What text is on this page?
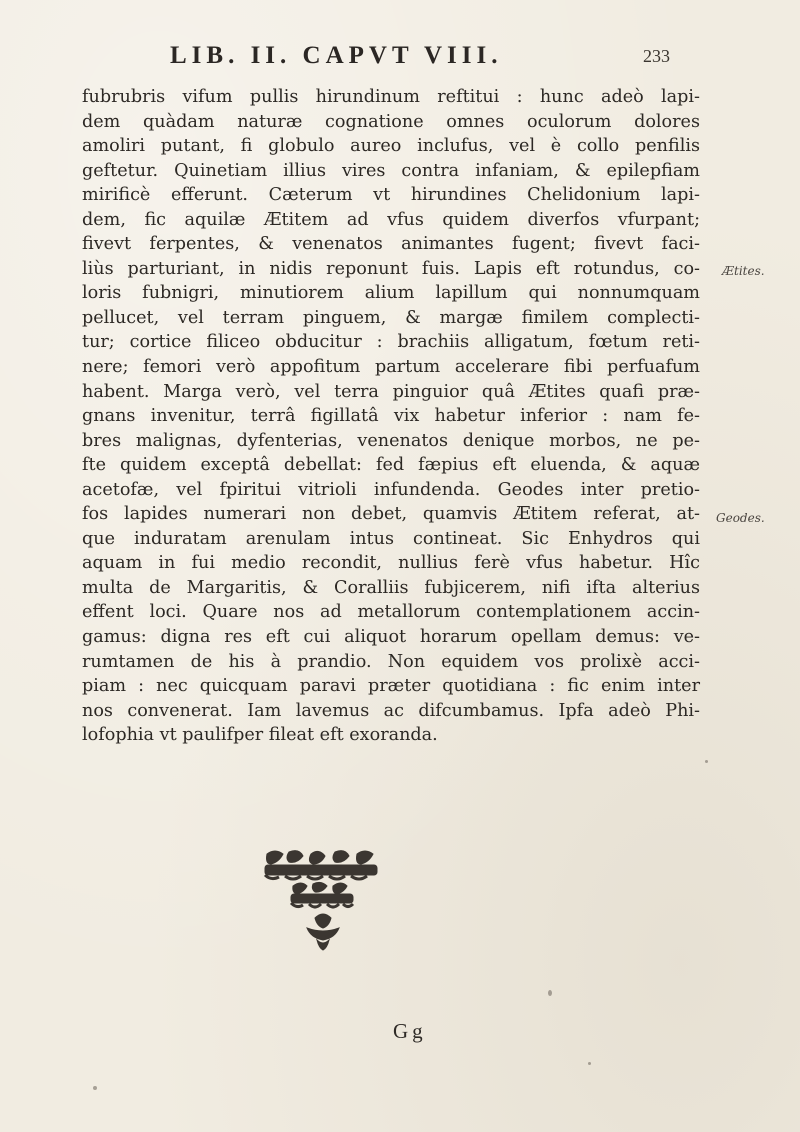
LIB. II. CAPVT VIII.	233
fubrubris vifum pullis hirundinum reftitui : hunc adeò lapi-
dem quàdam naturæ cognatione omnes oculorum dolores
amoliri putant, fi globulo aureo inclufus, vel è collo penfilis
geftetur. Quinetiam illius vires contra infaniam, & epilepfiam
mirificè efferunt. Cæterum vt hirundines Chelidonium lapi-
dem, fic aquilæ Ætitem ad vfus quidem diverfos vfurpant;
fivevt ferpentes, & venenatos animantes fugent; fivevt faci-
liùs parturiant, in nidis reponunt fuis. Lapis eft rotundus, co-
loris fubnigri, minutiorem alium lapillum qui nonnumquam
pellucet, vel terram pinguem, & margæ fimilem complecti-
tur; cortice filiceo obducitur : brachiis alligatum, fœtum reti-
nere; femori verò appofitum partum accelerare fibi perfuafum
habent. Marga verò, vel terra pinguior quâ Ætites quafi præ-
gnans invenitur, terrâ figillatâ vix habetur inferior : nam fe-
bres malignas, dyfenterias, venenatos denique morbos, ne pe-
fte quidem exceptâ debellat: fed fæpius eft eluenda, & aquæ
acetofæ, vel fpiritui vitrioli infundenda. Geodes inter pretio-
fos lapides numerari non debet, quamvis Ætitem referat, at-
que induratam arenulam intus contineat. Sic Enhydros qui
aquam in fui medio recondit, nullius ferè vfus habetur. Hîc
multa de Margaritis, & Coralliis fubjicerem, nifi ifta alterius
effent loci. Quare nos ad metallorum contemplationem accin-
gamus: digna res eft cui aliquot horarum opellam demus: ve-
rumtamen de his à prandio. Non equidem vos prolixè acci-
piam : nec quicquam paravi præter quotidiana : fic enim inter
nos convenerat. Iam lavemus ac difcumbamus. Ipfa adeò Phi-
lofophia vt paulifper fileat eft exoranda.
Ætites.
Geodes.
Gg
